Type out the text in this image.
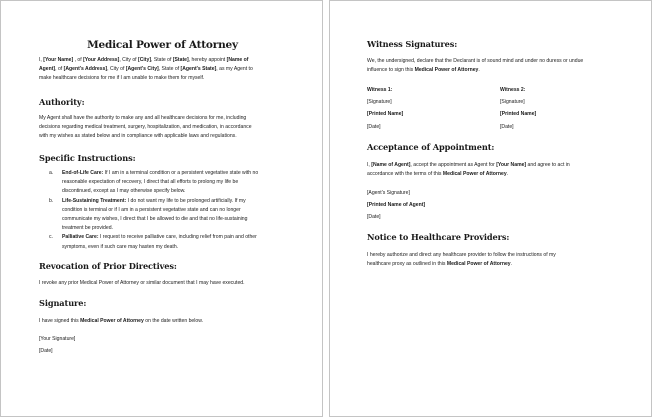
Medical Power of Attorney
I, [Your Name] , of [Your Address], City of [City], State of [State], hereby appoint [Name of
Agent], of [Agent's Address], City of [Agent's City], State of [Agent's State], as my Agent to
make healthcare decisions for me if I am unable to make them for myself.
Authority:
My Agent shall have the authority to make any and all healthcare decisions for me, including
decisions regarding medical treatment, surgery, hospitalization, and medication, in accordance
with my wishes as stated below and in compliance with applicable laws and regulations.
Specific Instructions:
a. End-of-Life Care: If I am in a terminal condition or a persistent vegetative state with no
reasonable expectation of recovery, I direct that all efforts to prolong my life be
discontinued, except as I may otherwise specify below.
b. Life-Sustaining Treatment: I do not want my life to be prolonged artificially. If my
condition is terminal or if I am in a persistent vegetative state and can no longer
communicate my wishes, I direct that I be allowed to die and that no life-sustaining
treatment be provided.
c. Palliative Care: I request to receive palliative care, including relief from pain and other
symptoms, even if such care may hasten my death.
Revocation of Prior Directives:
I revoke any prior Medical Power of Attorney or similar document that I may have executed.
Signature:
I have signed this Medical Power of Attorney on the date written below.
[Your Signature]
[Date]
Witness Signatures:
We, the undersigned, declare that the Declarant is of sound mind and under no duress or undue
influence to sign this Medical Power of Attorney.
Witness 1:
[Signature]
[Printed Name]
[Date]
Witness 2:
[Signature]
[Printed Name]
[Date]
Acceptance of Appointment:
I, [Name of Agent], accept the appointment as Agent for [Your Name] and agree to act in
accordance with the terms of this Medical Power of Attorney.
[Agent's Signature]
[Printed Name of Agent]
[Date]
Notice to Healthcare Providers:
I hereby authorize and direct any healthcare provider to follow the instructions of my
healthcare proxy as outlined in this Medical Power of Attorney.
